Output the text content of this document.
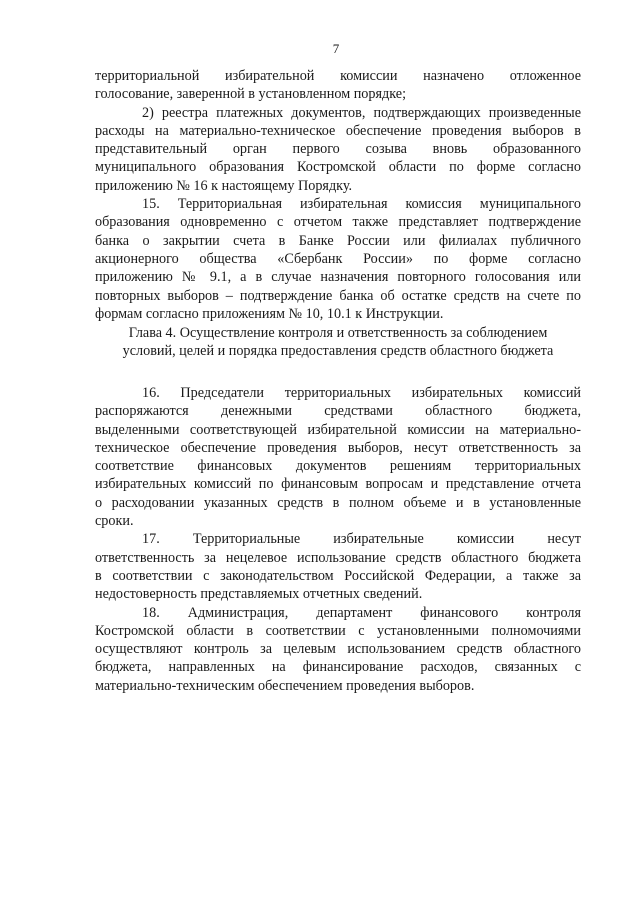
7
территориальной избирательной комиссии назначено отложенное
голосование, заверенной в установленном порядке;
2) реестра платежных документов, подтверждающих произведенные
расходы на материально-техническое обеспечение проведения выборов в
представительный орган первого созыва вновь образованного
муниципального образования Костромской области по форме согласно
приложению № 16 к настоящему Порядку.
15. Территориальная избирательная комиссия муниципального
образования одновременно с отчетом также представляет подтверждение
банка о закрытии счета в Банке России или филиалах публичного
акционерного общества «Сбербанк России» по форме согласно
приложению № 9.1, а в случае назначения повторного голосования или
повторных выборов – подтверждение банка об остатке средств на счете по
формам согласно приложениям № 10, 10.1 к Инструкции.
Глава 4. Осуществление контроля и ответственность за соблюдением
условий, целей и порядка предоставления средств областного бюджета
16. Председатели территориальных избирательных комиссий
распоряжаются денежными средствами областного бюджета,
выделенными соответствующей избирательной комиссии на материально-
техническое обеспечение проведения выборов, несут ответственность за
соответствие финансовых документов решениям территориальных
избирательных комиссий по финансовым вопросам и представление отчета
о расходовании указанных средств в полном объеме и в установленные
сроки.
17. Территориальные избирательные комиссии несут
ответственность за нецелевое использование средств областного бюджета
в соответствии с законодательством Российской Федерации, а также за
недостоверность представляемых отчетных сведений.
18. Администрация, департамент финансового контроля
Костромской области в соответствии с установленными полномочиями
осуществляют контроль за целевым использованием средств областного
бюджета, направленных на финансирование расходов, связанных с
материально-техническим обеспечением проведения выборов.
